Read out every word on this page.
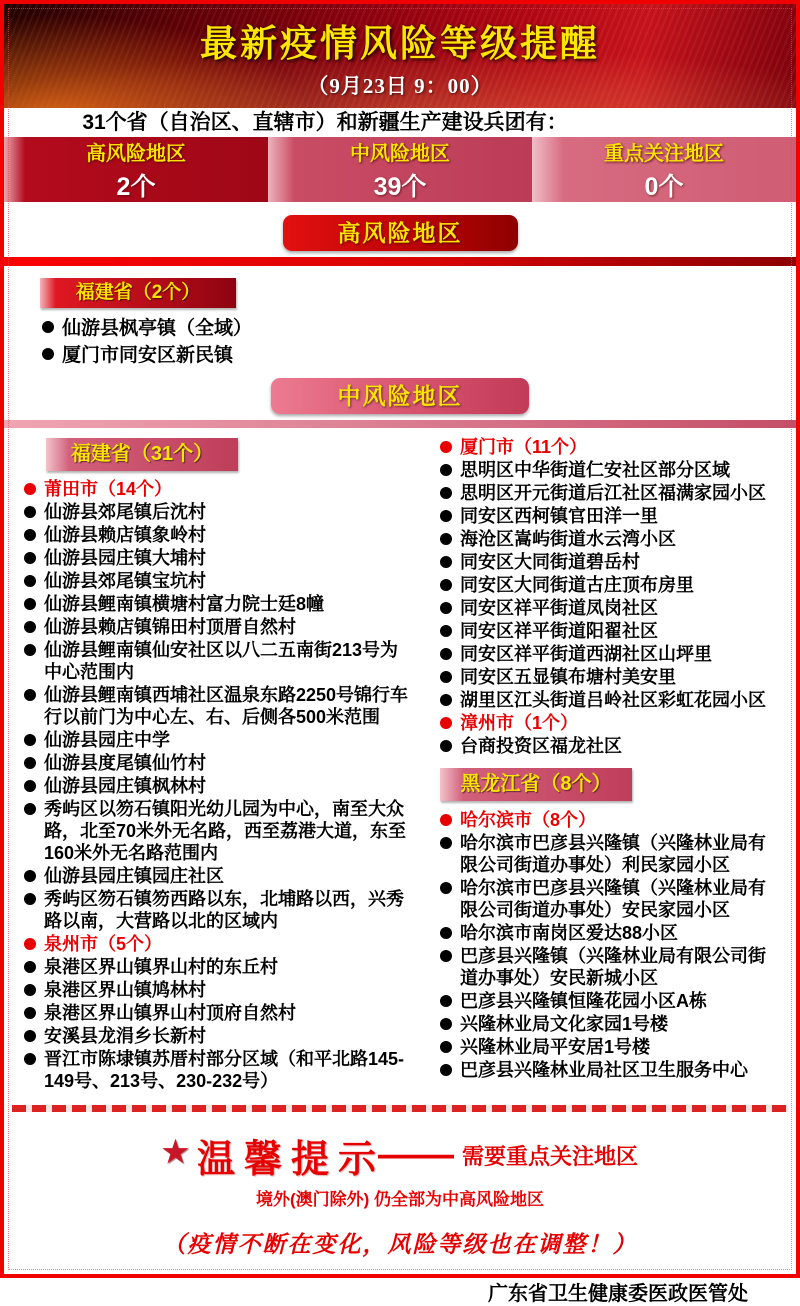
最新疫情风险等级提醒
（9月23日 9：00）
31个省（自治区、直辖市）和新疆生产建设兵团有：
高风险地区
2个
中风险地区
39个
重点关注地区
0个
高风险地区
福建省（2个）
仙游县枫亭镇（全域）
厦门市同安区新民镇
中风险地区
福建省（31个）
莆田市（14个）
仙游县郊尾镇后沈村
仙游县赖店镇象岭村
仙游县园庄镇大埔村
仙游县郊尾镇宝坑村
仙游县鲤南镇横塘村富力院士廷8幢
仙游县赖店镇锦田村顶厝自然村
仙游县鲤南镇仙安社区以八二五南街213号为中心范围内
仙游县鲤南镇西埔社区温泉东路2250号锦行车行以前门为中心左、右、后侧各500米范围
仙游县园庄中学
仙游县度尾镇仙竹村
仙游县园庄镇枫林村
秀屿区以笏石镇阳光幼儿园为中心，南至大众路，北至70米外无名路，西至荔港大道，东至160米外无名路范围内
仙游县园庄镇园庄社区
秀屿区笏石镇笏西路以东，北埔路以西，兴秀路以南，大营路以北的区域内
泉州市（5个）
泉港区界山镇界山村的东丘村
泉港区界山镇鸠林村
泉港区界山镇界山村顶府自然村
安溪县龙涓乡长新村
晋江市陈埭镇苏厝村部分区域（和平北路145-149号、213号、230-232号）
厦门市（11个）
思明区中华街道仁安社区部分区域
思明区开元街道后江社区福满家园小区
同安区西柯镇官田洋一里
海沧区嵩屿街道水云湾小区
同安区大同街道碧岳村
同安区大同街道古庄顶布房里
同安区祥平街道凤岗社区
同安区祥平街道阳翟社区
同安区祥平街道西湖社区山坪里
同安区五显镇布塘村美安里
湖里区江头街道吕岭社区彩虹花园小区
漳州市（1个）
台商投资区福龙社区
黑龙江省（8个）
哈尔滨市（8个）
哈尔滨市巴彦县兴隆镇（兴隆林业局有限公司街道办事处）利民家园小区
哈尔滨市巴彦县兴隆镇（兴隆林业局有限公司街道办事处）安民家园小区
哈尔滨市南岗区爱达88小区
巴彦县兴隆镇（兴隆林业局有限公司街道办事处）安民新城小区
巴彦县兴隆镇恒隆花园小区A栋
兴隆林业局文化家园1号楼
兴隆林业局平安居1号楼
巴彦县兴隆林业局社区卫生服务中心
★ 温馨提示
—— 需要重点关注地区
境外(澳门除外) 仍全部为中高风险地区
（疫情不断在变化，风险等级也在调整！）
广东省卫生健康委医政医管处
